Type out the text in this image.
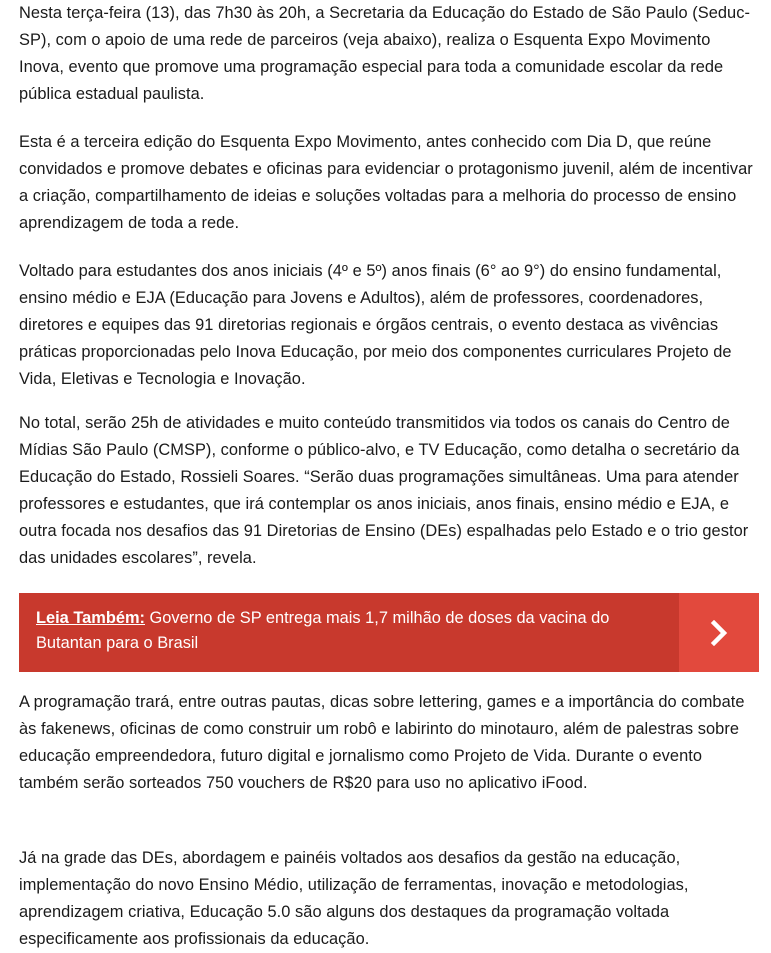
Nesta terça-feira (13), das 7h30 às 20h, a Secretaria da Educação do Estado de São Paulo (Seduc-SP), com o apoio de uma rede de parceiros (veja abaixo), realiza o Esquenta Expo Movimento Inova, evento que promove uma programação especial para toda a comunidade escolar da rede pública estadual paulista.

Esta é a terceira edição do Esquenta Expo Movimento, antes conhecido com Dia D, que reúne convidados e promove debates e oficinas para evidenciar o protagonismo juvenil, além de incentivar a criação, compartilhamento de ideias e soluções voltadas para a melhoria do processo de ensino aprendizagem de toda a rede.

Voltado para estudantes dos anos iniciais (4º e 5º) anos finais (6° ao 9°) do ensino fundamental, ensino médio e EJA (Educação para Jovens e Adultos), além de professores, coordenadores, diretores e equipes das 91 diretorias regionais e órgãos centrais, o evento destaca as vivências práticas proporcionadas pelo Inova Educação, por meio dos componentes curriculares Projeto de Vida, Eletivas e Tecnologia e Inovação.

No total, serão 25h de atividades e muito conteúdo transmitidos via todos os canais do Centro de Mídias São Paulo (CMSP), conforme o público-alvo, e TV Educação, como detalha o secretário da Educação do Estado, Rossieli Soares. “Serão duas programações simultâneas. Uma para atender professores e estudantes, que irá contemplar os anos iniciais, anos finais, ensino médio e EJA, e outra focada nos desafios das 91 Diretorias de Ensino (DEs) espalhadas pelo Estado e o trio gestor das unidades escolares”, revela.

Leia Também: Governo de SP entrega mais 1,7 milhão de doses da vacina do Butantan para o Brasil

A programação trará, entre outras pautas, dicas sobre lettering, games e a importância do combate às fakenews, oficinas de como construir um robô e labirinto do minotauro, além de palestras sobre educação empreendedora, futuro digital e jornalismo como Projeto de Vida. Durante o evento também serão sorteados 750 vouchers de R$20 para uso no aplicativo iFood.

Já na grade das DEs, abordagem e painéis voltados aos desafios da gestão na educação, implementação do novo Ensino Médio, utilização de ferramentas, inovação e metodologias, aprendizagem criativa, Educação 5.0 são alguns dos destaques da programação voltada especificamente aos profissionais da educação.
